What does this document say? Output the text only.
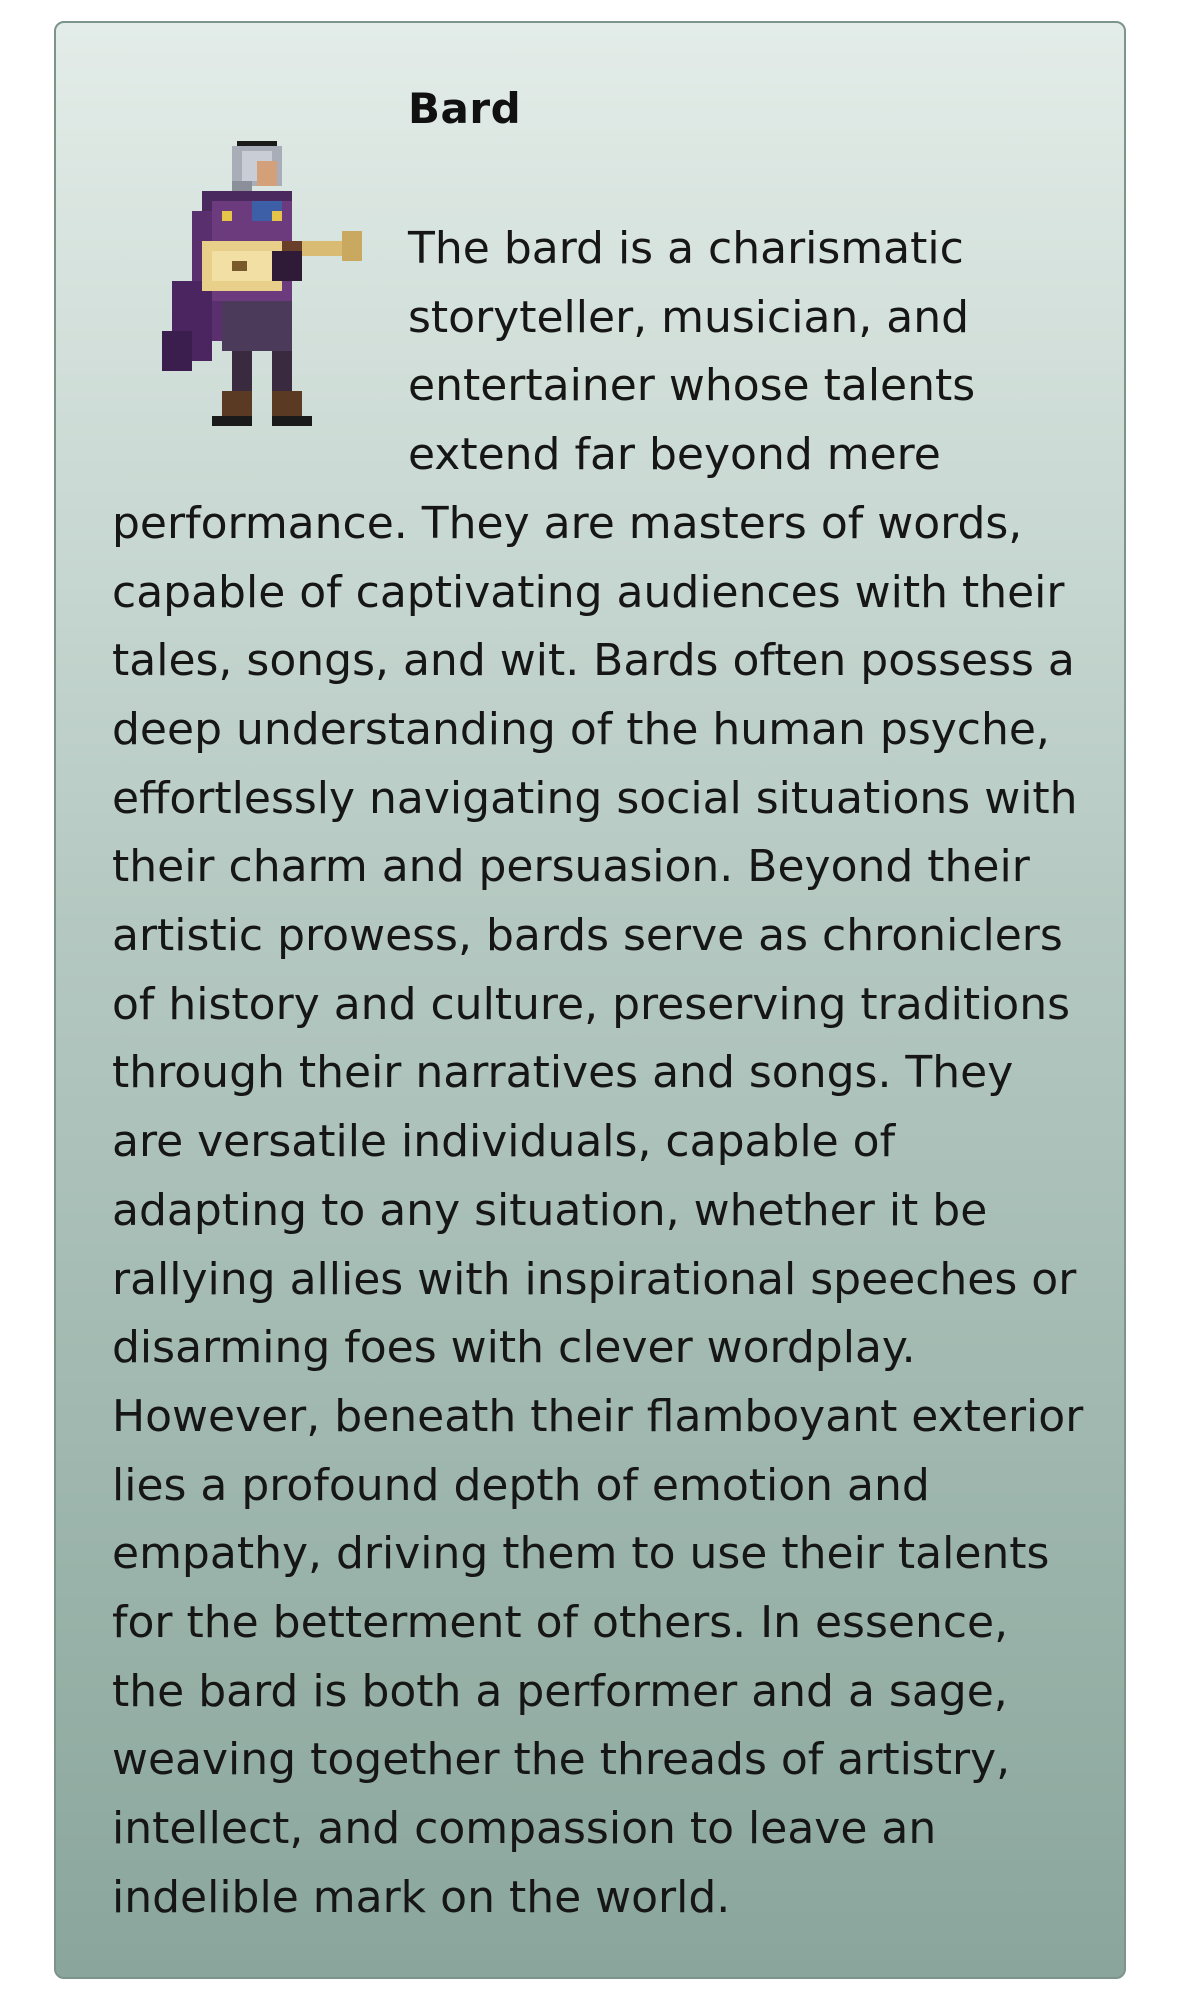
Bard

The bard is a charismatic
storyteller, musician, and
entertainer whose talents
extend far beyond mere
performance. They are masters of words,
capable of captivating audiences with their
tales, songs, and wit. Bards often possess a
deep understanding of the human psyche,
effortlessly navigating social situations with
their charm and persuasion. Beyond their
artistic prowess, bards serve as chroniclers
of history and culture, preserving traditions
through their narratives and songs. They
are versatile individuals, capable of
adapting to any situation, whether it be
rallying allies with inspirational speeches or
disarming foes with clever wordplay.
However, beneath their flamboyant exterior
lies a profound depth of emotion and
empathy, driving them to use their talents
for the betterment of others. In essence,
the bard is both a performer and a sage,
weaving together the threads of artistry,
intellect, and compassion to leave an
indelible mark on the world.
